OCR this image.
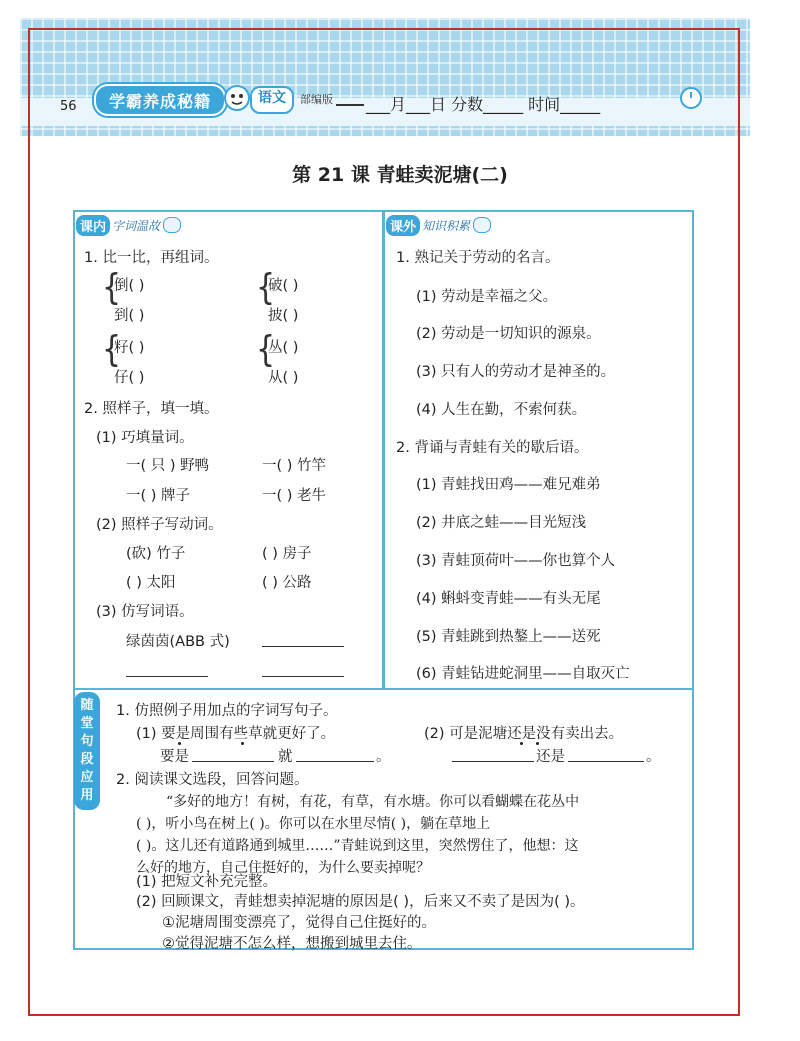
56	学霸养成秘籍	语文	部编版 ___月___日 分数_____ 时间_____
第 21 课 青蛙卖泥塘(二)
课内 字词温故
1. 比一比，再组词。
{
倒( )
到( )
{
破( )
披( )
{
籽( )
仔( )
{
丛( )
从( )
2. 照样子，填一填。
(1) 巧填量词。
一( 只 ) 野鸭	一( ) 竹竿
一( ) 牌子	一( ) 老牛
(2) 照样子写动词。
(砍) 竹子	( ) 房子
( ) 太阳	( ) 公路
(3) 仿写词语。
绿茵茵(ABB 式)
课外 知识积累
1. 熟记关于劳动的名言。
(1) 劳动是幸福之父。
(2) 劳动是一切知识的源泉。
(3) 只有人的劳动才是神圣的。
(4) 人生在勤，不索何获。
2. 背诵与青蛙有关的歇后语。
(1) 青蛙找田鸡——难兄难弟
(2) 井底之蛙——目光短浅
(3) 青蛙顶荷叶——你也算个人
(4) 蝌蚪变青蛙——有头无尾
(5) 青蛙跳到热鏊上——送死
(6) 青蛙钻进蛇洞里——自取灭亡
随
堂
句
段
应
用
1. 仿照例子用加点的字词写句子。
(1) 要是周围有些草就更好了。	(2) 可是泥塘还是没有卖出去。
要是	就	。	还是	。
2. 阅读课文选段，回答问题。
“多好的地方！有树，有花，有草，有水塘。你可以看蝴蝶在花丛中
( )，听小鸟在树上( )。你可以在水里尽情( )，躺在草地上
( )。这儿还有道路通到城里……”青蛙说到这里，突然愣住了，他想：这
么好的地方，自己住挺好的，为什么要卖掉呢？
(1) 把短文补充完整。
(2) 回顾课文，青蛙想卖掉泥塘的原因是( )，后来又不卖了是因为( )。
①泥塘周围变漂亮了，觉得自己住挺好的。
②觉得泥塘不怎么样，想搬到城里去住。
